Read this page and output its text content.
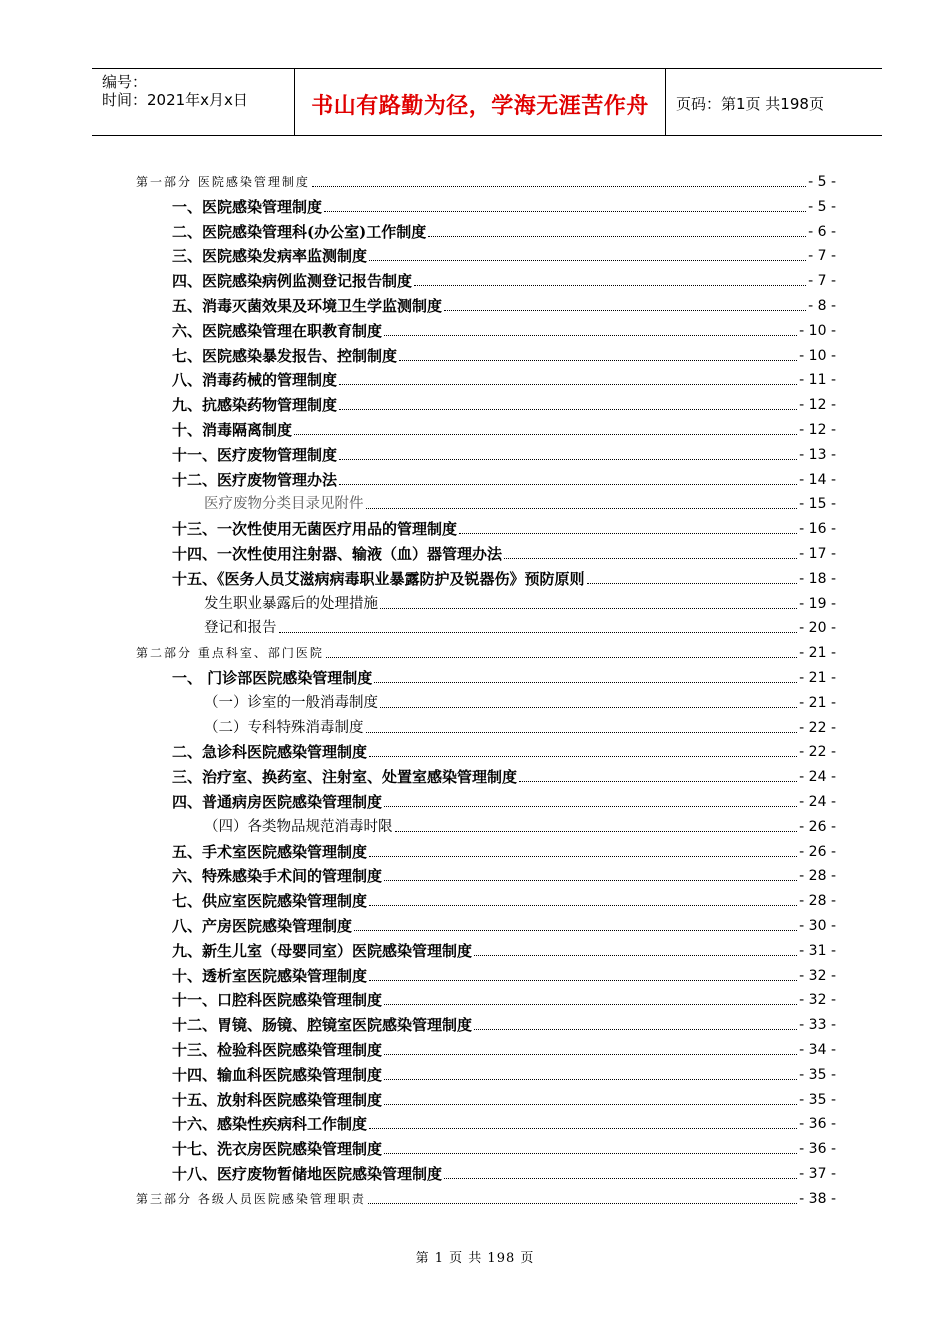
编号：
时间：2021年x月x日	书山有路勤为径，学海无涯苦作舟	页码：第1页 共198页
第一部分 医院感染管理制度	- 5 -
一、医院感染管理制度	- 5 -
二、医院感染管理科(办公室)工作制度	- 6 -
三、医院感染发病率监测制度	- 7 -
四、医院感染病例监测登记报告制度	- 7 -
五、消毒灭菌效果及环境卫生学监测制度	- 8 -
六、医院感染管理在职教育制度	- 10 -
七、医院感染暴发报告、控制制度	- 10 -
八、消毒药械的管理制度	- 11 -
九、抗感染药物管理制度	- 12 -
十、消毒隔离制度	- 12 -
十一、医疗废物管理制度	- 13 -
十二、医疗废物管理办法	- 14 -
医疗废物分类目录见附件	- 15 -
十三、一次性使用无菌医疗用品的管理制度	- 16 -
十四、一次性使用注射器、输液（血）器管理办法	- 17 -
十五、《医务人员艾滋病病毒职业暴露防护及锐器伤》预防原则	- 18 -
发生职业暴露后的处理措施	- 19 -
登记和报告	- 20 -
第二部分 重点科室、部门医院	- 21 -
一、 门诊部医院感染管理制度	- 21 -
（一）诊室的一般消毒制度	- 21 -
（二）专科特殊消毒制度	- 22 -
二、急诊科医院感染管理制度	- 22 -
三、治疗室、换药室、注射室、处置室感染管理制度	- 24 -
四、普通病房医院感染管理制度	- 24 -
（四）各类物品规范消毒时限	- 26 -
五、手术室医院感染管理制度	- 26 -
六、特殊感染手术间的管理制度	- 28 -
七、供应室医院感染管理制度	- 28 -
八、产房医院感染管理制度	- 30 -
九、新生儿室（母婴同室）医院感染管理制度	- 31 -
十、透析室医院感染管理制度	- 32 -
十一、口腔科医院感染管理制度	- 32 -
十二、胃镜、肠镜、腔镜室医院感染管理制度	- 33 -
十三、检验科医院感染管理制度	- 34 -
十四、输血科医院感染管理制度	- 35 -
十五、放射科医院感染管理制度	- 35 -
十六、感染性疾病科工作制度	- 36 -
十七、洗衣房医院感染管理制度	- 36 -
十八、医疗废物暂储地医院感染管理制度	- 37 -
第三部分 各级人员医院感染管理职责	- 38 -
第 1 页 共 198 页
